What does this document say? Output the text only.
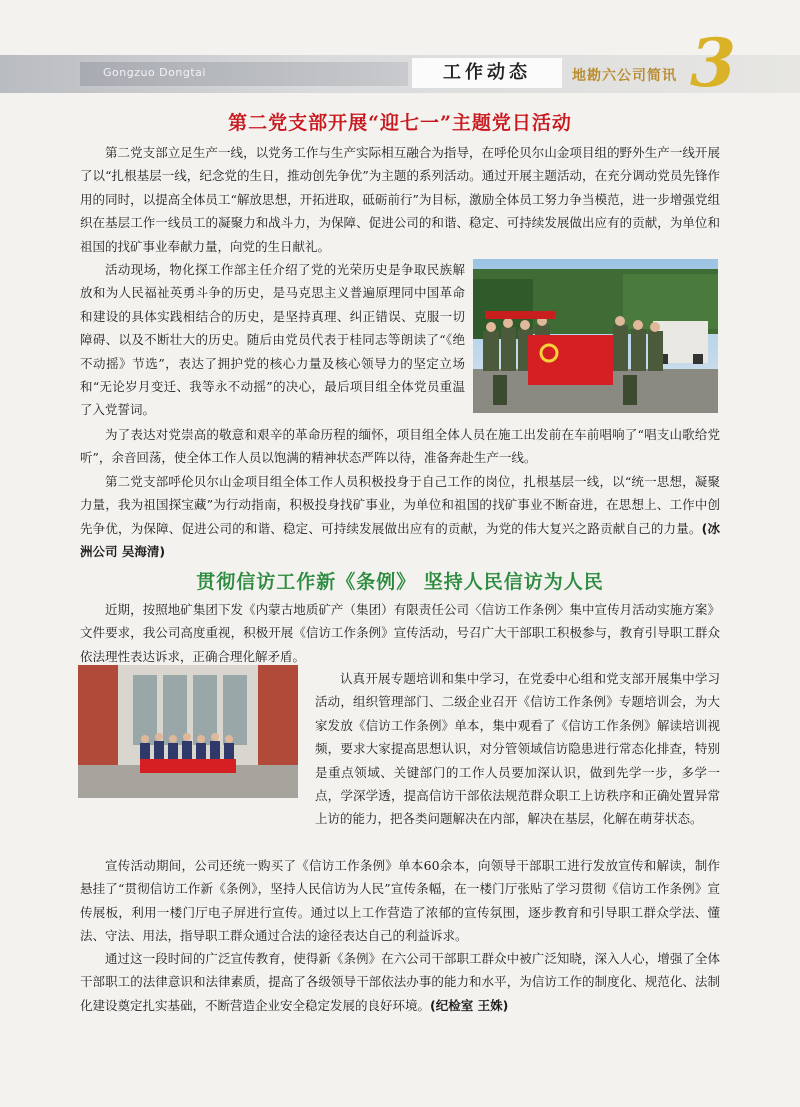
Gongzuo Dongtai	工作动态	地勘六公司简讯 3
第二党支部开展“迎七一”主题党日活动

第二党支部立足生产一线，以党务工作与生产实际相互融合为指导，在呼伦贝尔山金项目组的野外生产一线开展了以“扎根基层一线，纪念党的生日，推动创先争优”为主题的系列活动。通过开展主题活动，在充分调动党员先锋作用的同时，以提高全体员工“解放思想，开拓进取，砥砺前行”为目标，激励全体员工努力争当模范，进一步增强党组织在基层工作一线员工的凝聚力和战斗力，为保障、促进公司的和谐、稳定、可持续发展做出应有的贡献，为单位和祖国的找矿事业奉献力量，向党的生日献礼。

活动现场，物化探工作部主任介绍了党的光荣历史是争取民族解放和为人民福祉英勇斗争的历史，是马克思主义普遍原理同中国革命和建设的具体实践相结合的历史，是坚持真理、纠正错误、克服一切障碍、以及不断壮大的历史。随后由党员代表于桂同志等朗读了“《绝不动摇》节选”，表达了拥护党的核心力量及核心领导力的坚定立场和“无论岁月变迁、我等永不动摇”的决心，最后项目组全体党员重温了入党誓词。

为了表达对党崇高的敬意和艰辛的革命历程的缅怀，项目组全体人员在施工出发前在车前唱响了“唱支山歌给党听”，余音回荡，使全体工作人员以饱满的精神状态严阵以待，准备奔赴生产一线。

第二党支部呼伦贝尔山金项目组全体工作人员积极投身于自己工作的岗位，扎根基层一线，以“统一思想，凝聚力量，我为祖国探宝藏”为行动指南，积极投身找矿事业，为单位和祖国的找矿事业不断奋进，在思想上、工作中创先争优，为保障、促进公司的和谐、稳定、可持续发展做出应有的贡献，为党的伟大复兴之路贡献自己的力量。(冰洲公司 吴海清)

贯彻信访工作新《条例》 坚持人民信访为人民

近期，按照地矿集团下发《内蒙古地质矿产（集团）有限责任公司〈信访工作条例〉集中宣传月活动实施方案》文件要求，我公司高度重视，积极开展《信访工作条例》宣传活动，号召广大干部职工积极参与，教育引导职工群众依法理性表达诉求，正确合理化解矛盾。

认真开展专题培训和集中学习，在党委中心组和党支部开展集中学习活动，组织管理部门、二级企业召开《信访工作条例》专题培训会，为大家发放《信访工作条例》单本，集中观看了《信访工作条例》解读培训视频，要求大家提高思想认识，对分管领域信访隐患进行常态化排查，特别是重点领域、关键部门的工作人员要加深认识，做到先学一步，多学一点，学深学透，提高信访干部依法规范群众职工上访秩序和正确处置异常上访的能力，把各类问题解决在内部，解决在基层，化解在萌芽状态。

宣传活动期间，公司还统一购买了《信访工作条例》单本60余本，向领导干部职工进行发放宣传和解读，制作悬挂了“贯彻信访工作新《条例》，坚持人民信访为人民”宣传条幅，在一楼门厅张贴了学习贯彻《信访工作条例》宣传展板，利用一楼门厅电子屏进行宣传。通过以上工作营造了浓郁的宣传氛围，逐步教育和引导职工群众学法、懂法、守法、用法，指导职工群众通过合法的途径表达自己的利益诉求。

通过这一段时间的广泛宣传教育，使得新《条例》在六公司干部职工群众中被广泛知晓，深入人心，增强了全体干部职工的法律意识和法律素质，提高了各级领导干部依法办事的能力和水平，为信访工作的制度化、规范化、法制化建设奠定扎实基础，不断营造企业安全稳定发展的良好环境。(纪检室 王姝)
